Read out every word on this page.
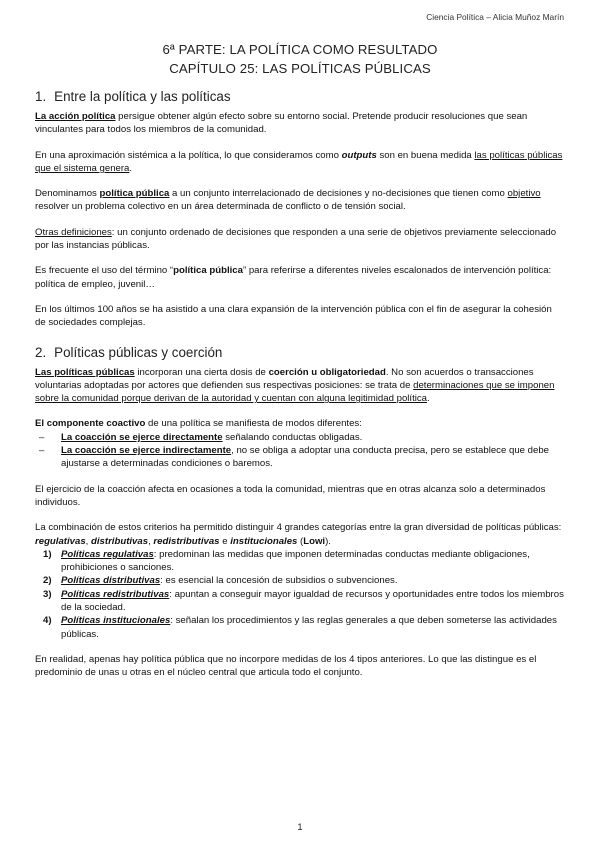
Ciencia Política – Alicia Muñoz Marín
6ª PARTE: LA POLÍTICA COMO RESULTADO
CAPÍTULO 25: LAS POLÍTICAS PÚBLICAS
1. Entre la política y las políticas

La acción política persigue obtener algún efecto sobre su entorno social. Pretende producir resoluciones que sean vinculantes para todos los miembros de la comunidad.

En una aproximación sistémica a la política, lo que consideramos como outputs son en buena medida las políticas públicas que el sistema genera.

Denominamos política pública a un conjunto interrelacionado de decisiones y no-decisiones que tienen como objetivo resolver un problema colectivo en un área determinada de conflicto o de tensión social.

Otras definiciones: un conjunto ordenado de decisiones que responden a una serie de objetivos previamente seleccionado por las instancias públicas.

Es frecuente el uso del término “política pública” para referirse a diferentes niveles escalonados de intervención política: política de empleo, juvenil…

En los últimos 100 años se ha asistido a una clara expansión de la intervención pública con el fin de asegurar la cohesión de sociedades complejas.

2. Políticas públicas y coerción

Las políticas públicas incorporan una cierta dosis de coerción u obligatoriedad. No son acuerdos o transacciones voluntarias adoptadas por actores que defienden sus respectivas posiciones: se trata de determinaciones que se imponen sobre la comunidad porque derivan de la autoridad y cuentan con alguna legitimidad política.

El componente coactivo de una política se manifiesta de modos diferentes:

– La coacción se ejerce directamente señalando conductas obligadas.
– La coacción se ejerce indirectamente, no se obliga a adoptar una conducta precisa, pero se establece que debe ajustarse a determinadas condiciones o baremos.

El ejercicio de la coacción afecta en ocasiones a toda la comunidad, mientras que en otras alcanza solo a determinados individuos.

La combinación de estos criterios ha permitido distinguir 4 grandes categorías entre la gran diversidad de políticas públicas: regulativas, distributivas, redistributivas e institucionales (Lowi).

1) Políticas regulativas: predominan las medidas que imponen determinadas conductas mediante obligaciones, prohibiciones o sanciones.
2) Políticas distributivas: es esencial la concesión de subsidios o subvenciones.
3) Políticas redistributivas: apuntan a conseguir mayor igualdad de recursos y oportunidades entre todos los miembros de la sociedad.
4) Políticas institucionales: señalan los procedimientos y las reglas generales a que deben someterse las actividades públicas.

En realidad, apenas hay política pública que no incorpore medidas de los 4 tipos anteriores. Lo que las distingue es el predominio de unas u otras en el núcleo central que articula todo el conjunto.

1
